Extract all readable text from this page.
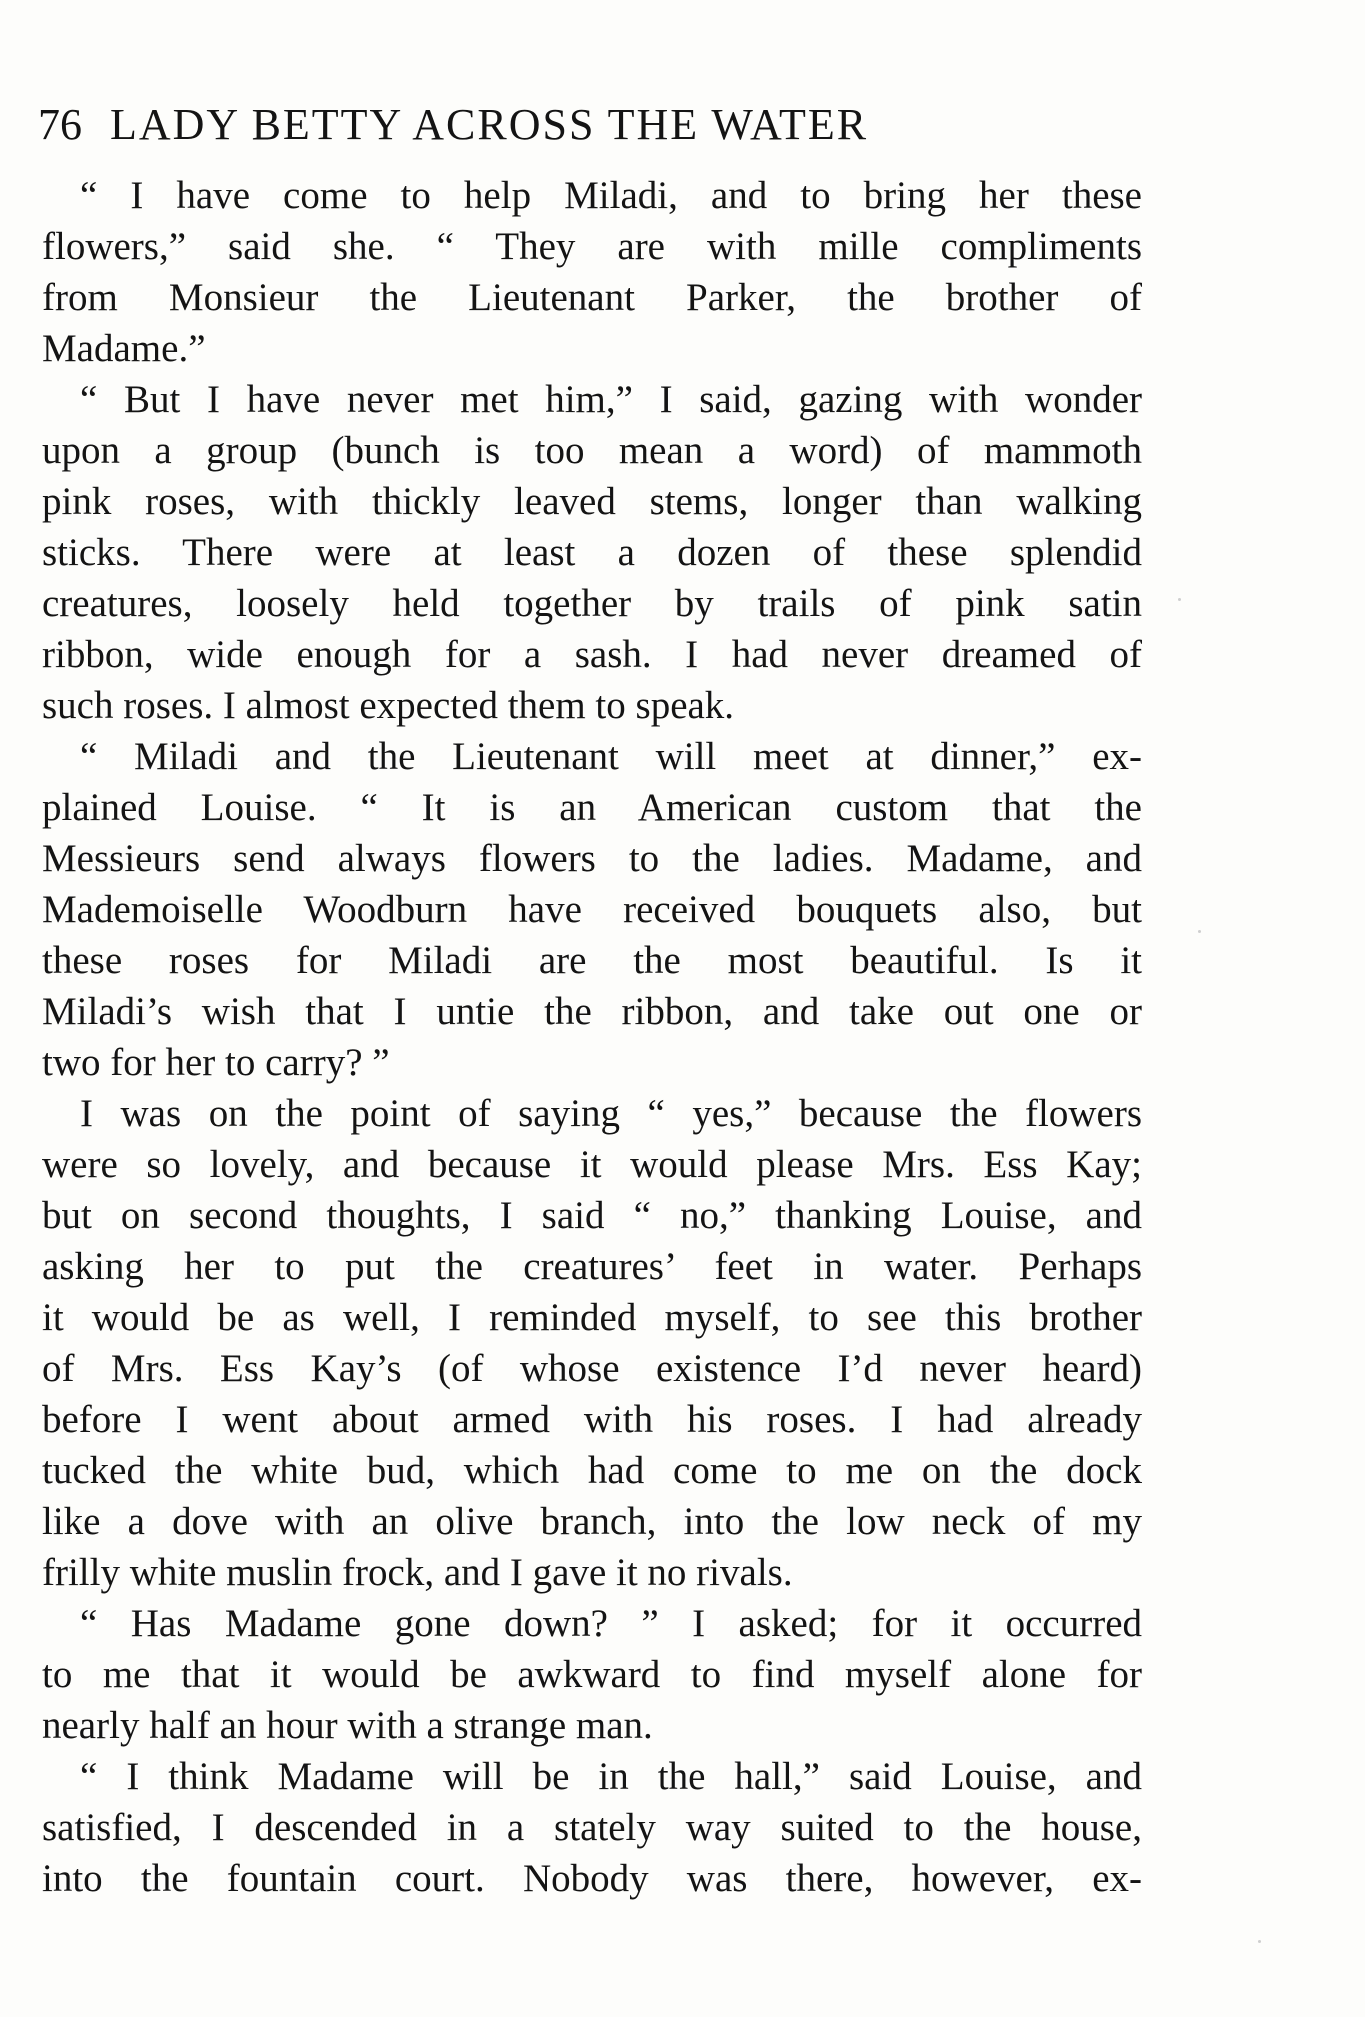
76 LADY BETTY ACROSS THE WATER
“ I have come to help Miladi, and to bring her these
flowers,” said she. “ They are with mille compliments
from Monsieur the Lieutenant Parker, the brother of
Madame.”
“ But I have never met him,” I said, gazing with wonder
upon a group (bunch is too mean a word) of mammoth
pink roses, with thickly leaved stems, longer than walking
sticks. There were at least a dozen of these splendid
creatures, loosely held together by trails of pink satin
ribbon, wide enough for a sash. I had never dreamed of
such roses. I almost expected them to speak.
“ Miladi and the Lieutenant will meet at dinner,” ex-
plained Louise. “ It is an American custom that the
Messieurs send always flowers to the ladies. Madame, and
Mademoiselle Woodburn have received bouquets also, but
these roses for Miladi are the most beautiful. Is it
Miladi’s wish that I untie the ribbon, and take out one or
two for her to carry? ”
I was on the point of saying “ yes,” because the flowers
were so lovely, and because it would please Mrs. Ess Kay;
but on second thoughts, I said “ no,” thanking Louise, and
asking her to put the creatures’ feet in water. Perhaps
it would be as well, I reminded myself, to see this brother
of Mrs. Ess Kay’s (of whose existence I’d never heard)
before I went about armed with his roses. I had already
tucked the white bud, which had come to me on the dock
like a dove with an olive branch, into the low neck of my
frilly white muslin frock, and I gave it no rivals.
“ Has Madame gone down? ” I asked; for it occurred
to me that it would be awkward to find myself alone for
nearly half an hour with a strange man.
“ I think Madame will be in the hall,” said Louise, and
satisfied, I descended in a stately way suited to the house,
into the fountain court. Nobody was there, however, ex-
